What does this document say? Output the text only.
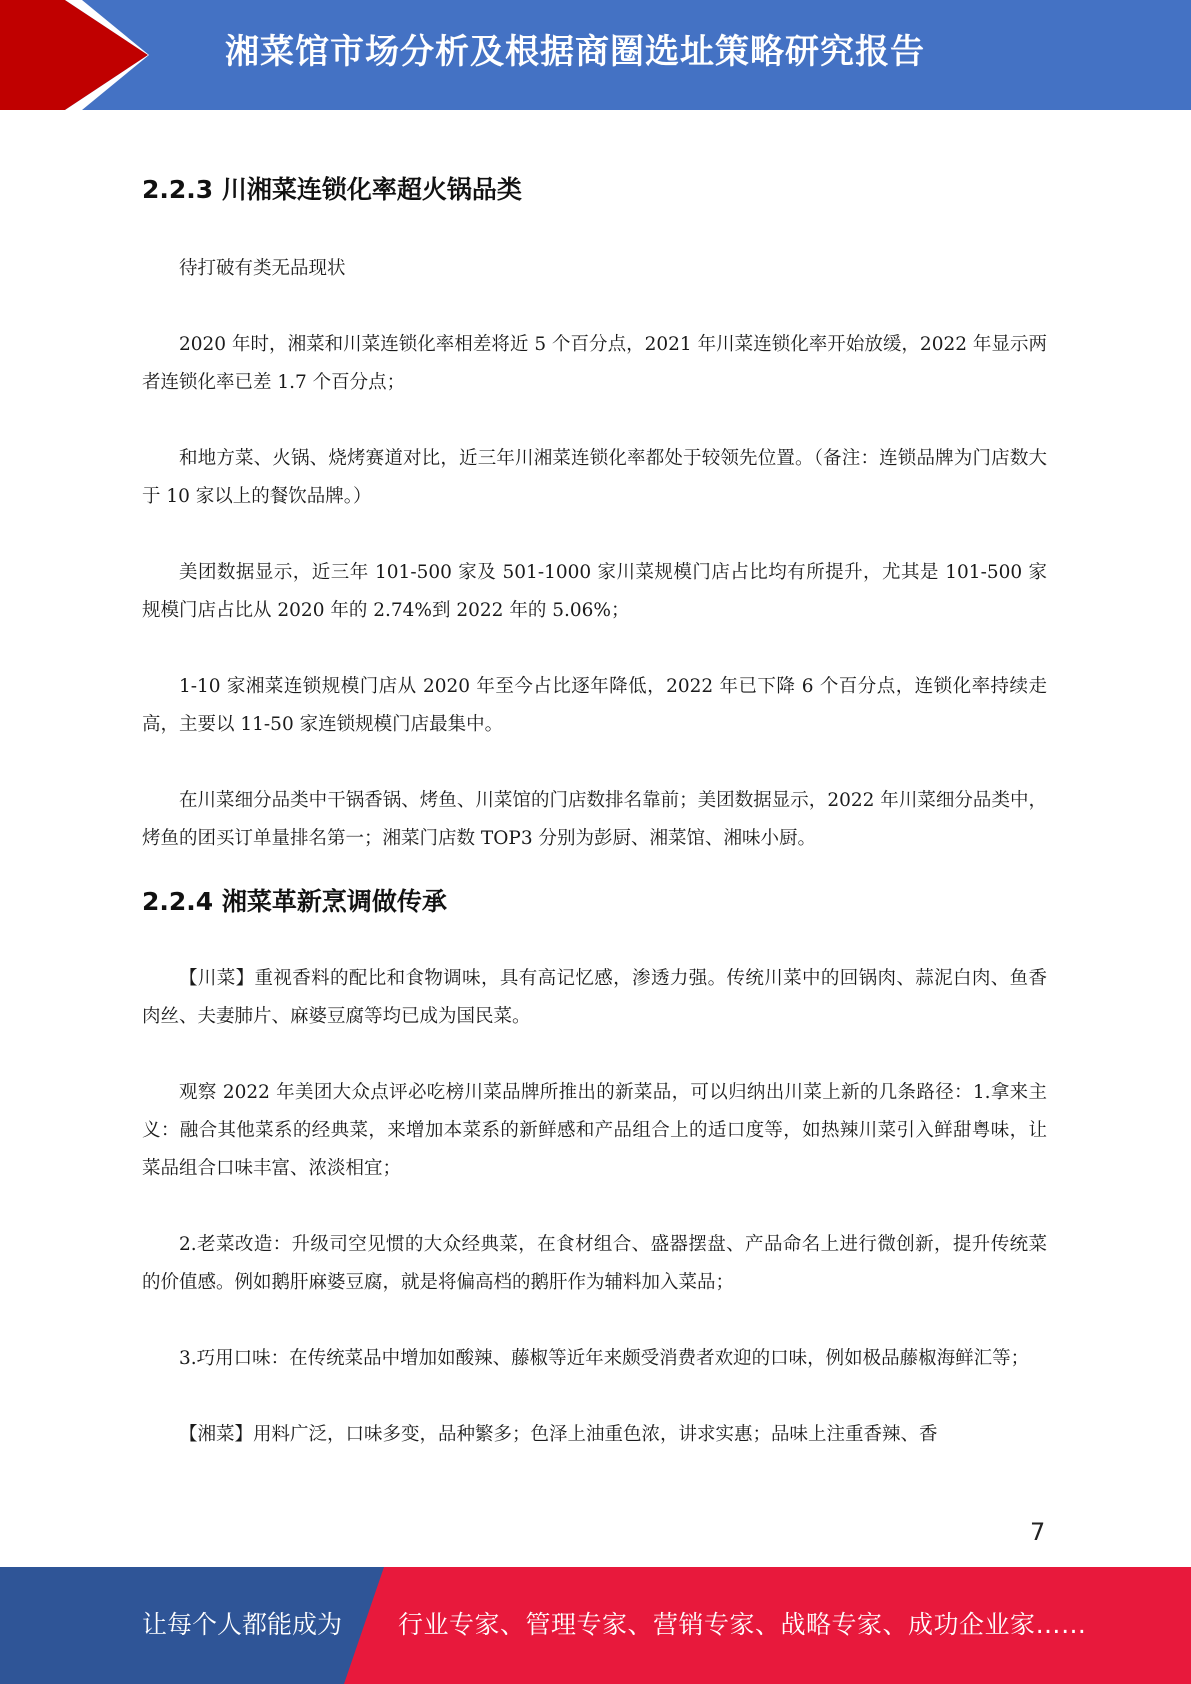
湘菜馆市场分析及根据商圈选址策略研究报告
2.2.3 川湘菜连锁化率超火锅品类

待打破有类无品现状

2020 年时，湘菜和川菜连锁化率相差将近 5 个百分点，2021 年川菜连锁化率开始放缓，2022 年显示两者连锁化率已差 1.7 个百分点；

和地方菜、火锅、烧烤赛道对比，近三年川湘菜连锁化率都处于较领先位置。（备注：连锁品牌为门店数大于 10 家以上的餐饮品牌。）

美团数据显示，近三年 101-500 家及 501-1000 家川菜规模门店占比均有所提升，尤其是 101-500 家规模门店占比从 2020 年的 2.74%到 2022 年的 5.06%；

1-10 家湘菜连锁规模门店从 2020 年至今占比逐年降低，2022 年已下降 6 个百分点，连锁化率持续走高，主要以 11-50 家连锁规模门店最集中。

在川菜细分品类中干锅香锅、烤鱼、川菜馆的门店数排名靠前；美团数据显示，2022 年川菜细分品类中，烤鱼的团买订单量排名第一；湘菜门店数 TOP3 分别为彭厨、湘菜馆、湘味小厨。

2.2.4 湘菜革新烹调做传承

【川菜】重视香料的配比和食物调味，具有高记忆感，渗透力强。传统川菜中的回锅肉、蒜泥白肉、鱼香肉丝、夫妻肺片、麻婆豆腐等均已成为国民菜。

观察 2022 年美团大众点评必吃榜川菜品牌所推出的新菜品，可以归纳出川菜上新的几条路径：1.拿来主义：融合其他菜系的经典菜，来增加本菜系的新鲜感和产品组合上的适口度等，如热辣川菜引入鲜甜粤味，让菜品组合口味丰富、浓淡相宜；

2.老菜改造：升级司空见惯的大众经典菜，在食材组合、盛器摆盘、产品命名上进行微创新，提升传统菜的价值感。例如鹅肝麻婆豆腐，就是将偏高档的鹅肝作为辅料加入菜品；

3.巧用口味：在传统菜品中增加如酸辣、藤椒等近年来颇受消费者欢迎的口味，例如极品藤椒海鲜汇等；

【湘菜】用料广泛，口味多变，品种繁多；色泽上油重色浓，讲求实惠；品味上注重香辣、香

7
让每个人都能成为 行业专家、管理专家、营销专家、战略专家、成功企业家……
